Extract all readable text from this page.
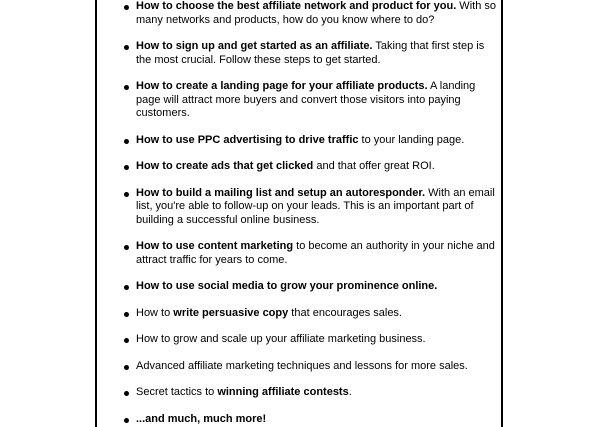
How to choose the best affiliate network and product for you. With so many networks and products, how do you know where to do?
How to sign up and get started as an affiliate. Taking that first step is the most crucial. Follow these steps to get started.
How to create a landing page for your affiliate products. A landing page will attract more buyers and convert those visitors into paying customers.
How to use PPC advertising to drive traffic to your landing page.
How to create ads that get clicked and that offer great ROI.
How to build a mailing list and setup an autoresponder. With an email list, you're able to follow-up on your leads. This is an important part of building a successful online business.
How to use content marketing to become an authority in your niche and attract traffic for years to come.
How to use social media to grow your prominence online.
How to write persuasive copy that encourages sales.
How to grow and scale up your affiliate marketing business.
Advanced affiliate marketing techniques and lessons for more sales.
Secret tactics to winning affiliate contests.
...and much, much more!
